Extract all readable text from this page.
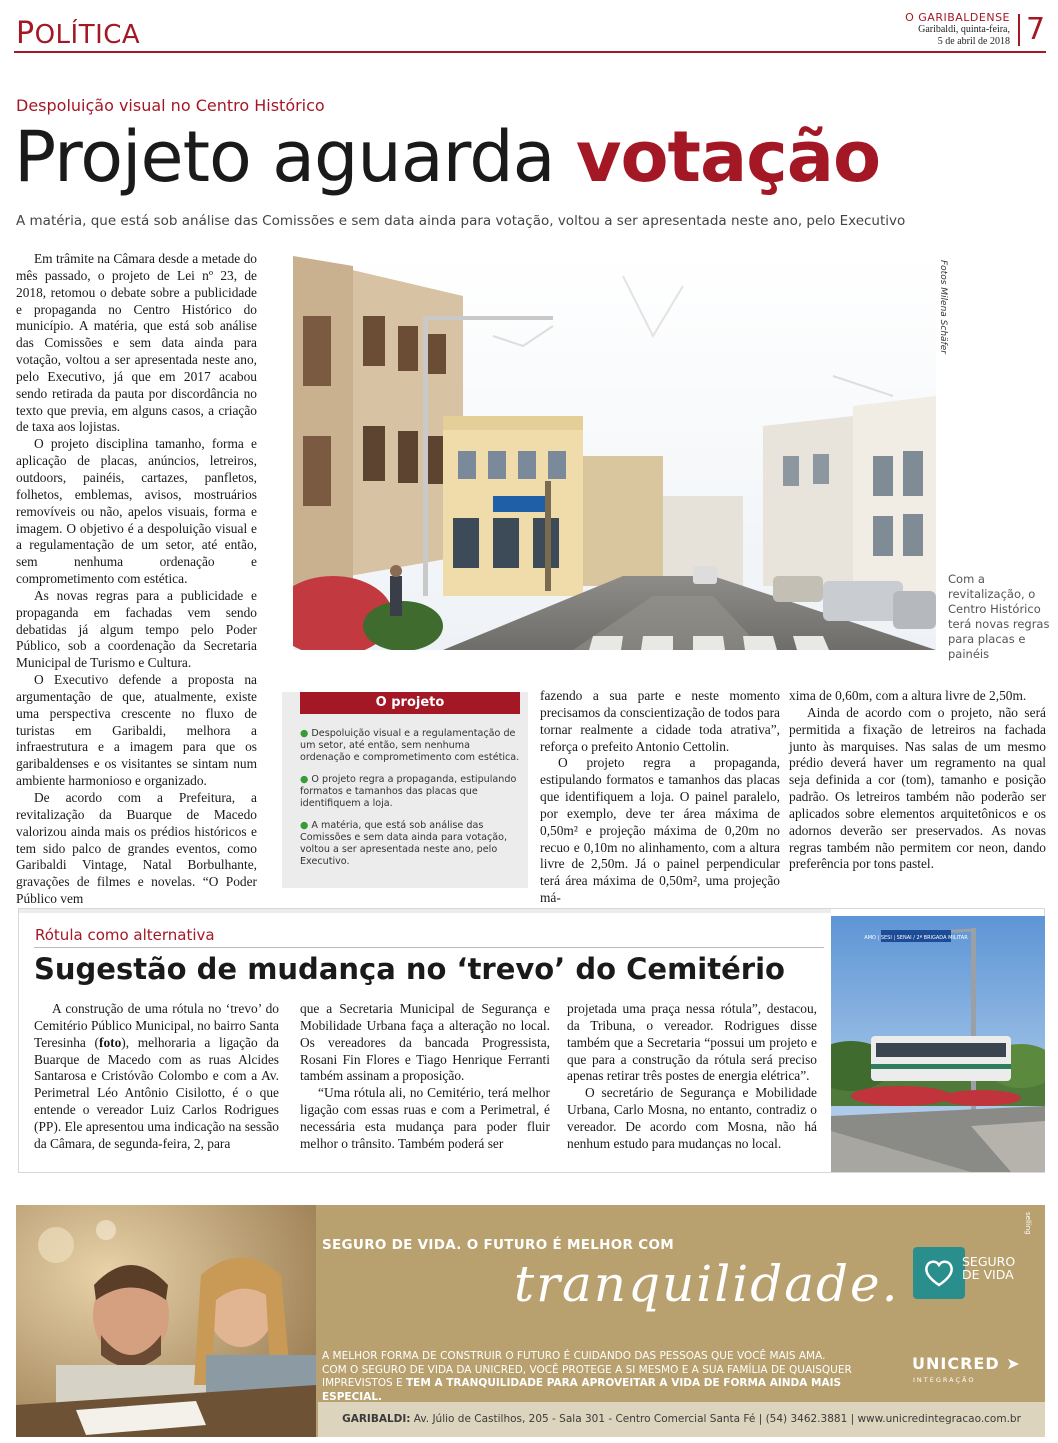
POLÍTICA
O GARIBALDENSE
Garibaldi, quinta-feira,
5 de abril de 2018 7
Despoluição visual no Centro Histórico
Projeto aguarda votação
A matéria, que está sob análise das Comissões e sem data ainda para votação, voltou a ser apresentada neste ano, pelo Executivo

Em trâmite na Câmara desde a metade do mês passado, o projeto de Lei nº 23, de 2018, retomou o debate sobre a publicidade e propaganda no Centro Histórico do município. A matéria, que está sob análise das Comissões e sem data ainda para votação, voltou a ser apresentada neste ano, pelo Executivo, já que em 2017 acabou sendo retirada da pauta por discordância no texto que previa, em alguns casos, a criação de taxa aos lojistas.

O projeto disciplina tamanho, forma e aplicação de placas, anúncios, letreiros, outdoors, painéis, cartazes, panfletos, folhetos, emblemas, avisos, mostruários removíveis ou não, apelos visuais, forma e imagem. O objetivo é a despoluição visual e a regulamentação de um setor, até então, sem nenhuma ordenação e comprometimento com estética.

As novas regras para a publicidade e propaganda em fachadas vem sendo debatidas já algum tempo pelo Poder Público, sob a coordenação da Secretaria Municipal de Turismo e Cultura.

O Executivo defende a proposta na argumentação de que, atualmente, existe uma perspectiva crescente no fluxo de turistas em Garibaldi, melhora a infraestrutura e a imagem para que os garibaldenses e os visitantes se sintam num ambiente harmonioso e organizado.

De acordo com a Prefeitura, a revitalização da Buarque de Macedo valorizou ainda mais os prédios históricos e tem sido palco de grandes eventos, como Garibaldi Vintage, Natal Borbulhante, gravações de filmes e novelas. “O Poder Público vem

Fotos Milena Schäfer
Com a revitalização, o Centro Histórico terá novas regras para placas e painéis
O projeto
● Despoluição visual e a regulamentação de um setor, até então, sem nenhuma ordenação e comprometimento com estética.
● O projeto regra a propaganda, estipulando formatos e tamanhos das placas que identifiquem a loja.
● A matéria, que está sob análise das Comissões e sem data ainda para votação, voltou a ser apresentada neste ano, pelo Executivo.

fazendo a sua parte e neste momento precisamos da conscientização de todos para tornar realmente a cidade toda atrativa”, reforça o prefeito Antonio Cettolin.

O projeto regra a propaganda, estipulando formatos e tamanhos das placas que identifiquem a loja. O painel paralelo, por exemplo, deve ter área máxima de 0,50m² e projeção máxima de 0,20m no recuo e 0,10m no alinhamento, com a altura livre de 2,50m. Já o painel perpendicular terá área máxima de 0,50m², uma projeção má-

xima de 0,60m, com a altura livre de 2,50m.

Ainda de acordo com o projeto, não será permitida a fixação de letreiros na fachada junto às marquises. Nas salas de um mesmo prédio deverá haver um regramento na qual seja definida a cor (tom), tamanho e posição padrão. Os letreiros também não poderão ser aplicados sobre elementos arquitetônicos e os adornos deverão ser preservados. As novas regras também não permitem cor neon, dando preferência por tons pastel.

Rótula como alternativa
Sugestão de mudança no ‘trevo’ do Cemitério

A construção de uma rótula no ‘trevo’ do Cemitério Público Municipal, no bairro Santa Teresinha (foto), melhoraria a ligação da Buarque de Macedo com as ruas Alcides Santarosa e Cristóvão Colombo e com a Av. Perimetral Léo Antônio Cisilotto, é o que entende o vereador Luiz Carlos Rodrigues (PP). Ele apresentou uma indicação na sessão da Câmara, de segunda-feira, 2, para

que a Secretaria Municipal de Segurança e Mobilidade Urbana faça a alteração no local. Os vereadores da bancada Progressista, Rosani Fin Flores e Tiago Henrique Ferranti também assinam a proposição.

“Uma rótula ali, no Cemitério, terá melhor ligação com essas ruas e com a Perimetral, é necessária esta mudança para poder fluir melhor o trânsito. Também poderá ser

projetada uma praça nessa rótula”, destacou, da Tribuna, o vereador. Rodrigues disse também que a Secretaria “possui um projeto e que para a construção da rótula será preciso apenas retirar três postes de energia elétrica”.

O secretário de Segurança e Mobilidade Urbana, Carlo Mosna, no entanto, contradiz o vereador. De acordo com Mosna, não há nenhum estudo para mudanças no local.

AMO | SESI | SENAI / 2ª BRIGADA MILITAR
SEGURO DE VIDA. O FUTURO É MELHOR COM
tranquilidade.	SEGURO
DE VIDA
selling
A MELHOR FORMA DE CONSTRUIR O FUTURO É CUIDANDO DAS PESSOAS QUE VOCÊ MAIS AMA.
COM O SEGURO DE VIDA DA UNICRED, VOCÊ PROTEGE A SI MESMO E A SUA FAMÍLIA DE QUAISQUER
IMPREVISTOS E TEM A TRANQUILIDADE PARA APROVEITAR A VIDA DE FORMA AINDA MAIS ESPECIAL.
UNICRED ➤
INTEGRAÇÃO
GARIBALDI: Av. Júlio de Castilhos, 205 - Sala 301 - Centro Comercial Santa Fé | (54) 3462.3881 | www.unicredintegracao.com.br
